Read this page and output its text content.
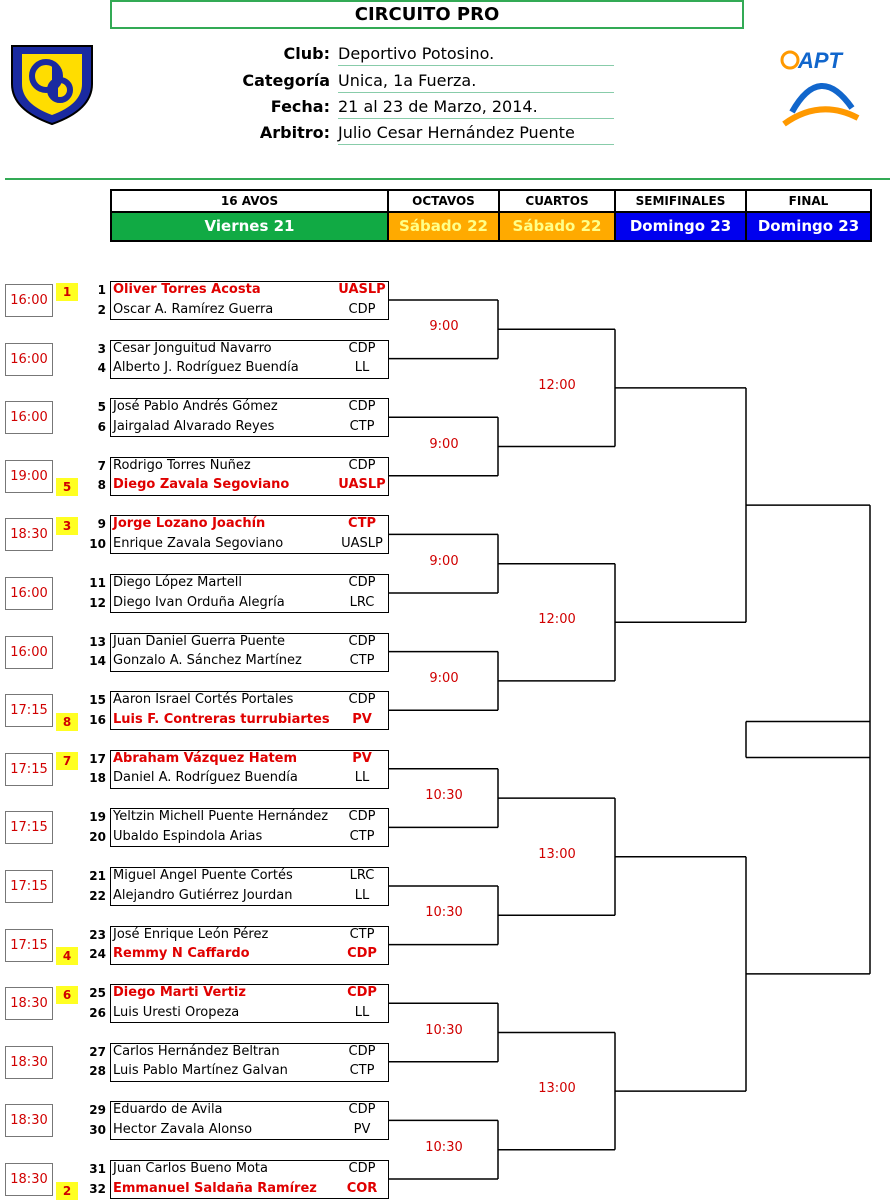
CIRCUITO PRO
APT
Club: Deportivo Potosino.
Categoría Unica, 1a Fuerza.
Fecha: 21 al 23 de Marzo, 2014.
Arbitro: Julio Cesar Hernández Puente
16 AVOS	OCTAVOS	CUARTOS	SEMIFINALES	FINAL
Viernes 21	Sábado 22	Sábado 22	Domingo 23	Domingo 23
16:00
1	1 Oliver Torres Acosta	UASLP
2 Oscar A. Ramírez Guerra	CDP
16:00
3 Cesar Jonguitud Navarro	CDP
4 Alberto J. Rodríguez Buendía	LL
16:00
5 José Pablo Andrés Gómez	CDP
6 Jairgalad Alvarado Reyes	CTP
19:00
7 Rodrigo Torres Nuñez	CDP
5	8 Diego Zavala Segoviano	UASLP
18:30
3	9 Jorge Lozano Joachín	CTP
10 Enrique Zavala Segoviano	UASLP
16:00
11 Diego López Martell	CDP
12 Diego Ivan Orduña Alegría	LRC
16:00
13 Juan Daniel Guerra Puente	CDP
14 Gonzalo A. Sánchez Martínez	CTP
17:15
15 Aaron Israel Cortés Portales	CDP
8	16 Luis F. Contreras turrubiartes	PV
17:15
7	17 Abraham Vázquez Hatem	PV
18 Daniel A. Rodríguez Buendía	LL
17:15
19 Yeltzin Michell Puente Hernández	CDP
20 Ubaldo Espindola Arias	CTP
17:15
21 Miguel Angel Puente Cortés	LRC
22 Alejandro Gutiérrez Jourdan	LL
17:15
23 José Enrique León Pérez	CTP
4	24 Remmy N Caffardo	CDP
18:30
6	25 Diego Marti Vertiz	CDP
26 Luis Uresti Oropeza	LL
18:30
27 Carlos Hernández Beltran	CDP
28 Luis Pablo Martínez Galvan	CTP
18:30
29 Eduardo de Avila	CDP
30 Hector Zavala Alonso	PV
18:30
31 Juan Carlos Bueno Mota	CDP
2	32 Emmanuel Saldaña Ramírez	COR
9:00
9:00
9:00
9:00
10:30
10:30
10:30
10:30
12:00
12:00
13:00
13:00
